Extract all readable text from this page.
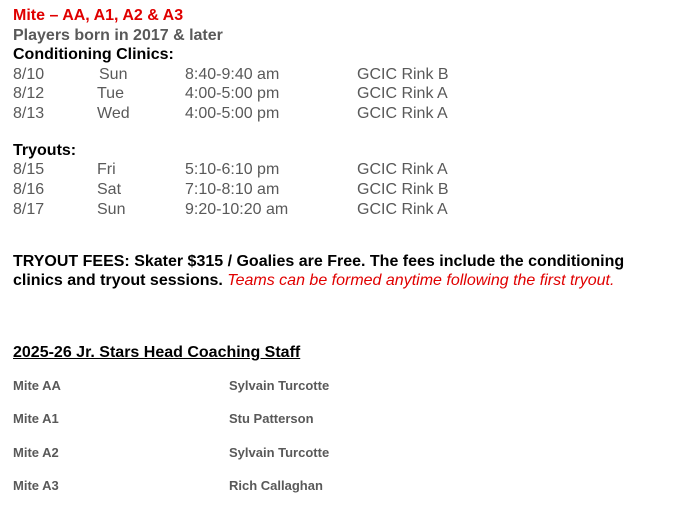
Mite – AA, A1, A2 & A3
Players born in 2017 & later
Conditioning Clinics:
8/10	Sun	8:40-9:40 am	GCIC Rink B
8/12	Tue	4:00-5:00 pm	GCIC Rink A
8/13	Wed	4:00-5:00 pm	GCIC Rink A
Tryouts:
8/15	Fri	5:10-6:10 pm	GCIC Rink A
8/16	Sat	7:10-8:10 am	GCIC Rink B
8/17	Sun	9:20-10:20 am	GCIC Rink A
TRYOUT FEES: Skater $315 / Goalies are Free. The fees include the conditioning clinics and tryout sessions. Teams can be formed anytime following the first tryout.
2025-26 Jr. Stars Head Coaching Staff
Mite AA	Sylvain Turcotte
Mite A1	Stu Patterson
Mite A2	Sylvain Turcotte
Mite A3	Rich Callaghan
